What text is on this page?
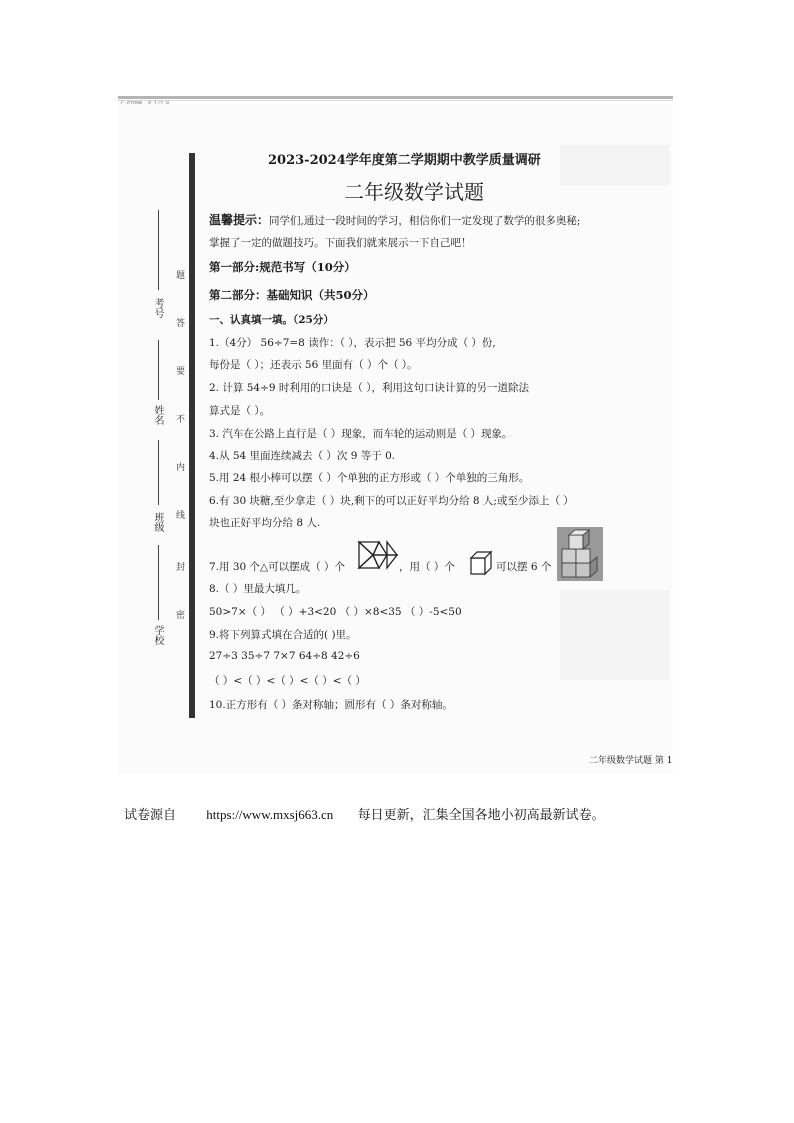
考号
姓名
班级
学校
题
答
要
不
内
线
封
密
2023-2024学年度第二学期期中教学质量调研
二年级数学试题
温馨提示：同学们,通过一段时间的学习，相信你们一定发现了数学的很多奥秘;
掌握了一定的做题技巧。下面我们就来展示一下自己吧！
第一部分:规范书写（10分）
第二部分：基础知识（共50分）
一、认真填一填。（25分）
1.（4分） 56÷7=8 读作：（ ），表示把 56 平均分成（ ）份,
每份是（ ）；还表示 56 里面有（ ）个（ ）。
2. 计算 54÷9 时利用的口诀是（ ），利用这句口诀计算的另一道除法
算式是（ ）。
3. 汽车在公路上直行是（ ）现象，而车轮的运动则是（ ）现象。
4.从 54 里面连续减去（ ）次 9 等于 0.
5.用 24 根小棒可以摆（ ）个单独的正方形或（ ）个单独的三角形。
6.有 30 块糖,至少拿走（ ）块,剩下的可以正好平均分给 8 人;或至少添上（ ）
块也正好平均分给 8 人.
7.用 30 个△可以摆成（ ）个	，用（ ）个	可以摆 6 个
8.（ ）里最大填几。
50>7×（ ） （ ）+3<20 （ ）×8<35 （ ）-5<50
9.将下列算式填在合适的( )里。
27÷3 35÷7 7×7 64÷8 42÷6
（ ）<（ ）<（ ）<（ ）<（ ）
10.正方形有（ ）条对称轴；圆形有（ ）条对称轴。
二年级数学试题 第 1
试卷源自 https://www.mxsj663.cn 每日更新，汇集全国各地小初高最新试卷。
